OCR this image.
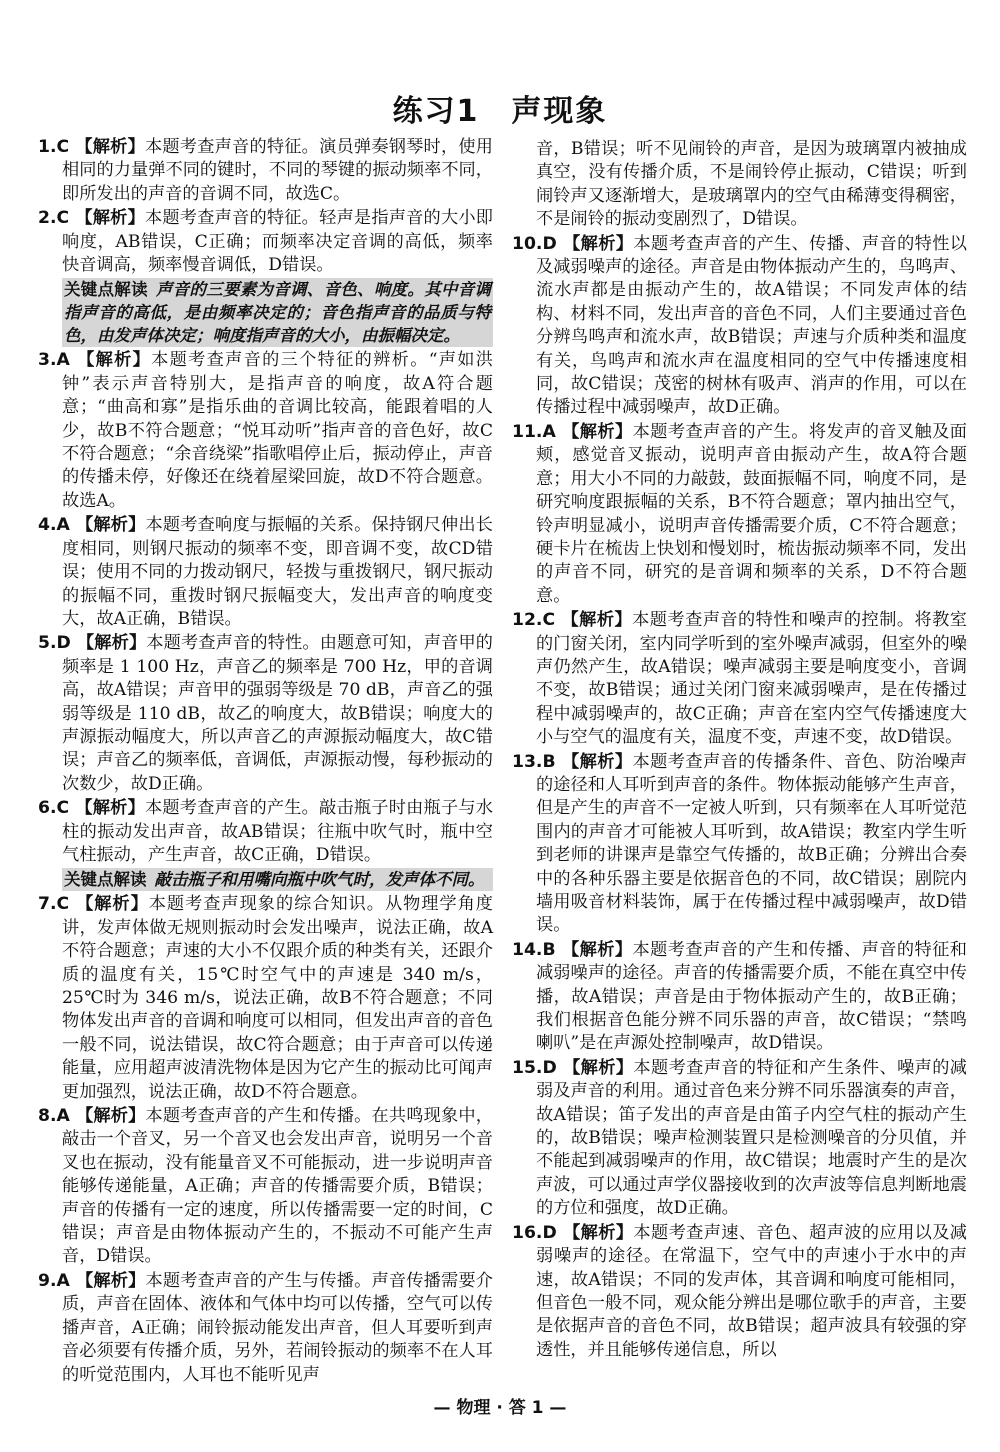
练习1　声现象
1.C 【解析】本题考查声音的特征。演员弹奏钢琴时，使用相同的力量弹不同的键时，不同的琴键的振动频率不同，即所发出的声音的音调不同，故选C。
2.C 【解析】本题考查声音的特征。轻声是指声音的大小即响度，AB错误，C正确；而频率决定音调的高低，频率快音调高，频率慢音调低，D错误。
关键点解读 声音的三要素为音调、音色、响度。其中音调指声音的高低，是由频率决定的；音色指声音的品质与特色，由发声体决定；响度指声音的大小，由振幅决定。
3.A 【解析】本题考查声音的三个特征的辨析。“声如洪钟”表示声音特别大，是指声音的响度，故A符合题意；“曲高和寡”是指乐曲的音调比较高，能跟着唱的人少，故B不符合题意；“悦耳动听”指声音的音色好，故C不符合题意；“余音绕梁”指歌唱停止后，振动停止，声音的传播未停，好像还在绕着屋梁回旋，故D不符合题意。故选A。
4.A 【解析】本题考查响度与振幅的关系。保持钢尺伸出长度相同，则钢尺振动的频率不变，即音调不变，故CD错误；使用不同的力拨动钢尺，轻拨与重拨钢尺，钢尺振动的振幅不同，重拨时钢尺振幅变大，发出声音的响度变大，故A正确，B错误。
5.D 【解析】本题考查声音的特性。由题意可知，声音甲的频率是 1 100 Hz，声音乙的频率是 700 Hz，甲的音调高，故A错误；声音甲的强弱等级是 70 dB，声音乙的强弱等级是 110 dB，故乙的响度大，故B错误；响度大的声源振动幅度大，所以声音乙的声源振动幅度大，故C错误；声音乙的频率低，音调低，声源振动慢，每秒振动的次数少，故D正确。
6.C 【解析】本题考查声音的产生。敲击瓶子时由瓶子与水柱的振动发出声音，故AB错误；往瓶中吹气时，瓶中空气柱振动，产生声音，故C正确，D错误。
关键点解读 敲击瓶子和用嘴向瓶中吹气时，发声体不同。
7.C 【解析】本题考查声现象的综合知识。从物理学角度讲，发声体做无规则振动时会发出噪声，说法正确，故A不符合题意；声速的大小不仅跟介质的种类有关，还跟介质的温度有关，15℃时空气中的声速是 340 m/s，25℃时为 346 m/s，说法正确，故B不符合题意；不同物体发出声音的音调和响度可以相同，但发出声音的音色一般不同，说法错误，故C符合题意；由于声音可以传递能量，应用超声波清洗物体是因为它产生的振动比可闻声更加强烈，说法正确，故D不符合题意。
8.A 【解析】本题考查声音的产生和传播。在共鸣现象中，敲击一个音叉，另一个音叉也会发出声音，说明另一个音叉也在振动，没有能量音叉不可能振动，进一步说明声音能够传递能量，A正确；声音的传播需要介质，B错误；声音的传播有一定的速度，所以传播需要一定的时间，C错误；声音是由物体振动产生的，不振动不可能产生声音，D错误。
9.A 【解析】本题考查声音的产生与传播。声音传播需要介质，声音在固体、液体和气体中均可以传播，空气可以传播声音，A正确；闹铃振动能发出声音，但人耳要听到声音必须要有传播介质，另外，若闹铃振动的频率不在人耳的听觉范围内，人耳也不能听见声
音，B错误；听不见闹铃的声音，是因为玻璃罩内被抽成真空，没有传播介质，不是闹铃停止振动，C错误；听到闹铃声又逐渐增大，是玻璃罩内的空气由稀薄变得稠密，不是闹铃的振动变剧烈了，D错误。
10.D 【解析】本题考查声音的产生、传播、声音的特性以及减弱噪声的途径。声音是由物体振动产生的，鸟鸣声、流水声都是由振动产生的，故A错误；不同发声体的结构、材料不同，发出声音的音色不同，人们主要通过音色分辨鸟鸣声和流水声，故B错误；声速与介质种类和温度有关，鸟鸣声和流水声在温度相同的空气中传播速度相同，故C错误；茂密的树林有吸声、消声的作用，可以在传播过程中减弱噪声，故D正确。
11.A 【解析】本题考查声音的产生。将发声的音叉触及面颊，感觉音叉振动，说明声音由振动产生，故A符合题意；用大小不同的力敲鼓，鼓面振幅不同，响度不同，是研究响度跟振幅的关系，B不符合题意；罩内抽出空气，铃声明显减小，说明声音传播需要介质，C不符合题意；硬卡片在梳齿上快划和慢划时，梳齿振动频率不同，发出的声音不同，研究的是音调和频率的关系，D不符合题意。
12.C 【解析】本题考查声音的特性和噪声的控制。将教室的门窗关闭，室内同学听到的室外噪声减弱，但室外的噪声仍然产生，故A错误；噪声减弱主要是响度变小，音调不变，故B错误；通过关闭门窗来减弱噪声，是在传播过程中减弱噪声的，故C正确；声音在室内空气传播速度大小与空气的温度有关，温度不变，声速不变，故D错误。
13.B 【解析】本题考查声音的传播条件、音色、防治噪声的途径和人耳听到声音的条件。物体振动能够产生声音，但是产生的声音不一定被人听到，只有频率在人耳听觉范围内的声音才可能被人耳听到，故A错误；教室内学生听到老师的讲课声是靠空气传播的，故B正确；分辨出合奏中的各种乐器主要是依据音色的不同，故C错误；剧院内墙用吸音材料装饰，属于在传播过程中减弱噪声，故D错误。
14.B 【解析】本题考查声音的产生和传播、声音的特征和减弱噪声的途径。声音的传播需要介质，不能在真空中传播，故A错误；声音是由于物体振动产生的，故B正确；我们根据音色能分辨不同乐器的声音，故C错误；“禁鸣喇叭”是在声源处控制噪声，故D错误。
15.D 【解析】本题考查声音的特征和产生条件、噪声的减弱及声音的利用。通过音色来分辨不同乐器演奏的声音，故A错误；笛子发出的声音是由笛子内空气柱的振动产生的，故B错误；噪声检测装置只是检测噪音的分贝值，并不能起到减弱噪声的作用，故C错误；地震时产生的是次声波，可以通过声学仪器接收到的次声波等信息判断地震的方位和强度，故D正确。
16.D 【解析】本题考查声速、音色、超声波的应用以及减弱噪声的途径。在常温下，空气中的声速小于水中的声速，故A错误；不同的发声体，其音调和响度可能相同，但音色一般不同，观众能分辨出是哪位歌手的声音，主要是依据声音的音色不同，故B错误；超声波具有较强的穿透性，并且能够传递信息，所以
— 物理 · 答 1 —
